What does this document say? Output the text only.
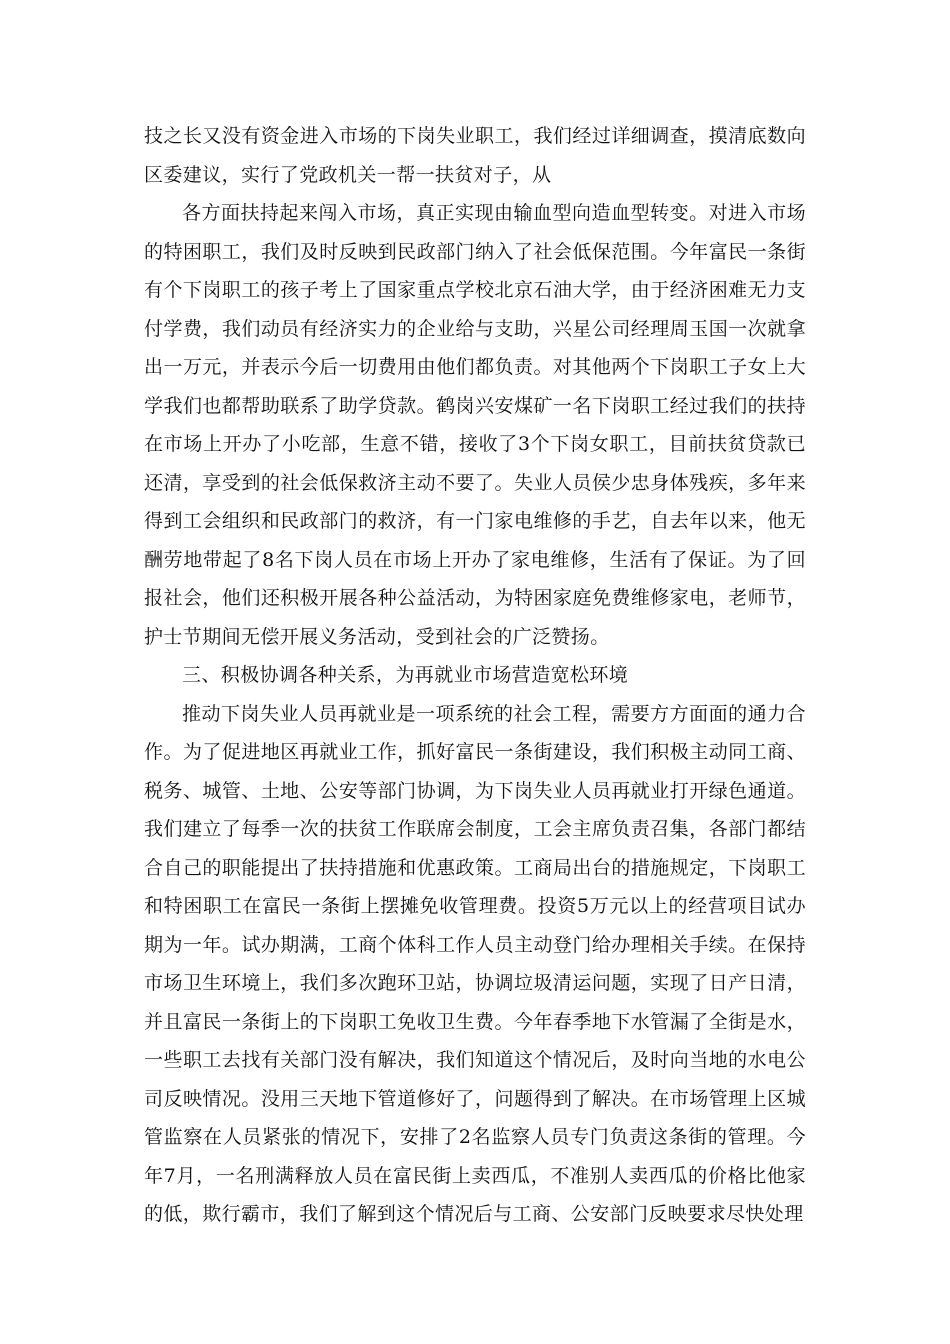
技之长又没有资金进入市场的下岗失业职工，我们经过详细调查，摸清底数向区委建议，实行了党政机关一帮一扶贫对子，从

各方面扶持起来闯入市场，真正实现由输血型向造血型转变。对进入市场的特困职工，我们及时反映到民政部门纳入了社会低保范围。今年富民一条街有个下岗职工的孩子考上了国家重点学校北京石油大学，由于经济困难无力支付学费，我们动员有经济实力的企业给与支助，兴星公司经理周玉国一次就拿出一万元，并表示今后一切费用由他们都负责。对其他两个下岗职工子女上大学我们也都帮助联系了助学贷款。鹤岗兴安煤矿一名下岗职工经过我们的扶持在市场上开办了小吃部，生意不错，接收了3个下岗女职工，目前扶贫贷款已还清，享受到的社会低保救济主动不要了。失业人员侯少忠身体残疾，多年来得到工会组织和民政部门的救济，有一门家电维修的手艺，自去年以来，他无酬劳地带起了8名下岗人员在市场上开办了家电维修，生活有了保证。为了回报社会，他们还积极开展各种公益活动，为特困家庭免费维修家电，老师节，护士节期间无偿开展义务活动，受到社会的广泛赞扬。

三、积极协调各种关系，为再就业市场营造宽松环境

推动下岗失业人员再就业是一项系统的社会工程，需要方方面面的通力合作。为了促进地区再就业工作，抓好富民一条街建设，我们积极主动同工商、税务、城管、土地、公安等部门协调，为下岗失业人员再就业打开绿色通道。我们建立了每季一次的扶贫工作联席会制度，工会主席负责召集，各部门都结合自己的职能提出了扶持措施和优惠政策。工商局出台的措施规定，下岗职工和特困职工在富民一条街上摆摊免收管理费。投资5万元以上的经营项目试办期为一年。试办期满，工商个体科工作人员主动登门给办理相关手续。在保持市场卫生环境上，我们多次跑环卫站，协调垃圾清运问题，实现了日产日清，并且富民一条街上的下岗职工免收卫生费。今年春季地下水管漏了全街是水，一些职工去找有关部门没有解决，我们知道这个情况后，及时向当地的水电公司反映情况。没用三天地下管道修好了，问题得到了解决。在市场管理上区城管监察在人员紧张的情况下，安排了2名监察人员专门负责这条街的管理。今年7月，一名刑满释放人员在富民街上卖西瓜，不准别人卖西瓜的价格比他家的低，欺行霸市，我们了解到这个情况后与工商、公安部门反映要求尽快处理
